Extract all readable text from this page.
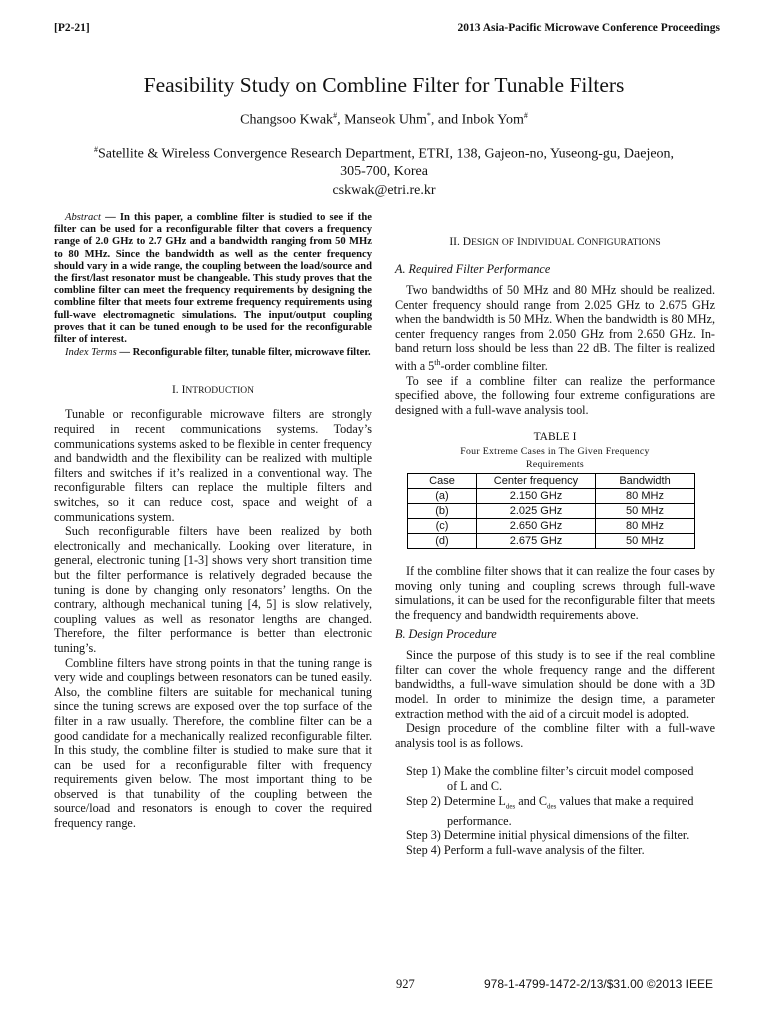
[P2-21]	2013 Asia-Pacific Microwave Conference Proceedings
Feasibility Study on Combline Filter for Tunable Filters
Changsoo Kwak#, Manseok Uhm*, and Inbok Yom#
#Satellite & Wireless Convergence Research Department, ETRI, 138, Gajeon-no, Yuseong-gu, Daejeon,
305-700, Korea
cskwak@etri.re.kr
Abstract — In this paper, a combline filter is studied to see if the filter can be used for a reconfigurable filter that covers a frequency range of 2.0 GHz to 2.7 GHz and a bandwidth ranging from 50 MHz to 80 MHz. Since the bandwidth as well as the center frequency should vary in a wide range, the coupling between the load/source and the first/last resonator must be changeable. This study proves that the combline filter can meet the frequency requirements by designing the combline filter that meets four extreme frequency requirements using full-wave electromagnetic simulations. The input/output coupling proves that it can be tuned enough to be used for the reconfigurable filter of interest.
Index Terms — Reconfigurable filter, tunable filter, microwave filter.
I. INTRODUCTION

Tunable or reconfigurable microwave filters are strongly required in recent communications systems. Today’s communications systems asked to be flexible in center frequency and bandwidth and the flexibility can be realized with multiple filters and switches if it’s realized in a conventional way. The reconfigurable filters can replace the multiple filters and switches, so it can reduce cost, space and weight of a communications system.

Such reconfigurable filters have been realized by both electronically and mechanically. Looking over literature, in general, electronic tuning [1-3] shows very short transition time but the filter performance is relatively degraded because the tuning is done by changing only resonators’ lengths. On the contrary, although mechanical tuning [4, 5] is slow relatively, coupling values as well as resonator lengths are changed. Therefore, the filter performance is better than electronic tuning’s.

Combline filters have strong points in that the tuning range is very wide and couplings between resonators can be tuned easily. Also, the combline filters are suitable for mechanical tuning since the tuning screws are exposed over the top surface of the filter in a raw usually. Therefore, the combline filter can be a good candidate for a mechanically realized reconfigurable filter. In this study, the combline filter is studied to make sure that it can be used for a reconfigurable filter with frequency requirements given below. The most important thing to be observed is that tunability of the coupling between the source/load and resonators is enough to cover the required frequency range.

II. DESIGN OF INDIVIDUAL CONFIGURATIONS
A. Required Filter Performance

Two bandwidths of 50 MHz and 80 MHz should be realized. Center frequency should range from 2.025 GHz to 2.675 GHz when the bandwidth is 50 MHz. When the bandwidth is 80 MHz, center frequency ranges from 2.050 GHz from 2.650 GHz. In-band return loss should be less than 22 dB. The filter is realized with a 5th-order combline filter.

To see if a combline filter can realize the performance specified above, the following four extreme configurations are designed with a full-wave analysis tool.

TABLE I
Four Extreme Cases in The Given Frequency
Requirements
Case	Center frequency	Bandwidth
(a)	2.150 GHz	80 MHz
(b)	2.025 GHz	50 MHz
(c)	2.650 GHz	80 MHz
(d)	2.675 GHz	50 MHz

If the combline filter shows that it can realize the four cases by moving only tuning and coupling screws through full-wave simulations, it can be used for the reconfigurable filter that meets the frequency and bandwidth requirements above.

B. Design Procedure

Since the purpose of this study is to see if the real combline filter can cover the whole frequency range and the different bandwidths, a full-wave simulation should be done with a 3D model. In order to minimize the design time, a parameter extraction method with the aid of a circuit model is adopted.

Design procedure of the combline filter with a full-wave analysis tool is as follows.

Step 1) Make the combline filter’s circuit model composed
of L and C.
Step 2) Determine $L_{des}$ and $C_{des}$ values that make a required
performance.
Step 3) Determine initial physical dimensions of the filter.
Step 4) Perform a full-wave analysis of the filter.
927	978-1-4799-1472-2/13/$31.00 ©2013 IEEE
